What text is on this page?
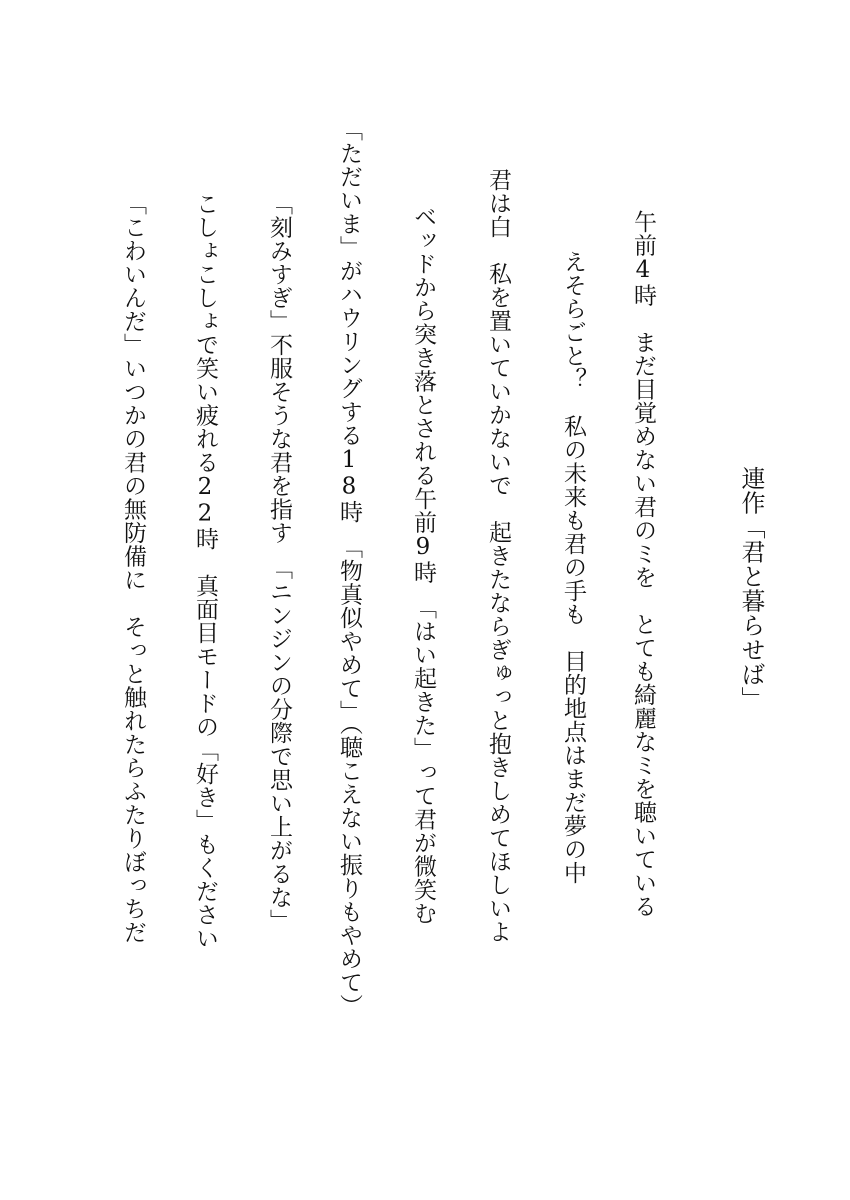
連作「君と暮らせば」
午前4時　まだ目覚めない君のミを　とても綺麗なミを聴いている
えそらごと？　私の未来も君の手も　目的地点はまだ夢の中
君は白　私を置いていかないで　起きたならぎゅっと抱きしめてほしいよ
ベッドから突き落とされる午前9時　「はい起きた」って君が微笑む
「ただいま」がハウリングする18時　「物真似やめて」（聴こえない振りもやめて）
「刻みすぎ」不服そうな君を指す　「ニンジンの分際で思い上がるな」
こしょこしょで笑い疲れる22時　真面目モードの「好き」もください
「こわいんだ」いつかの君の無防備に　そっと触れたらふたりぼっちだ
